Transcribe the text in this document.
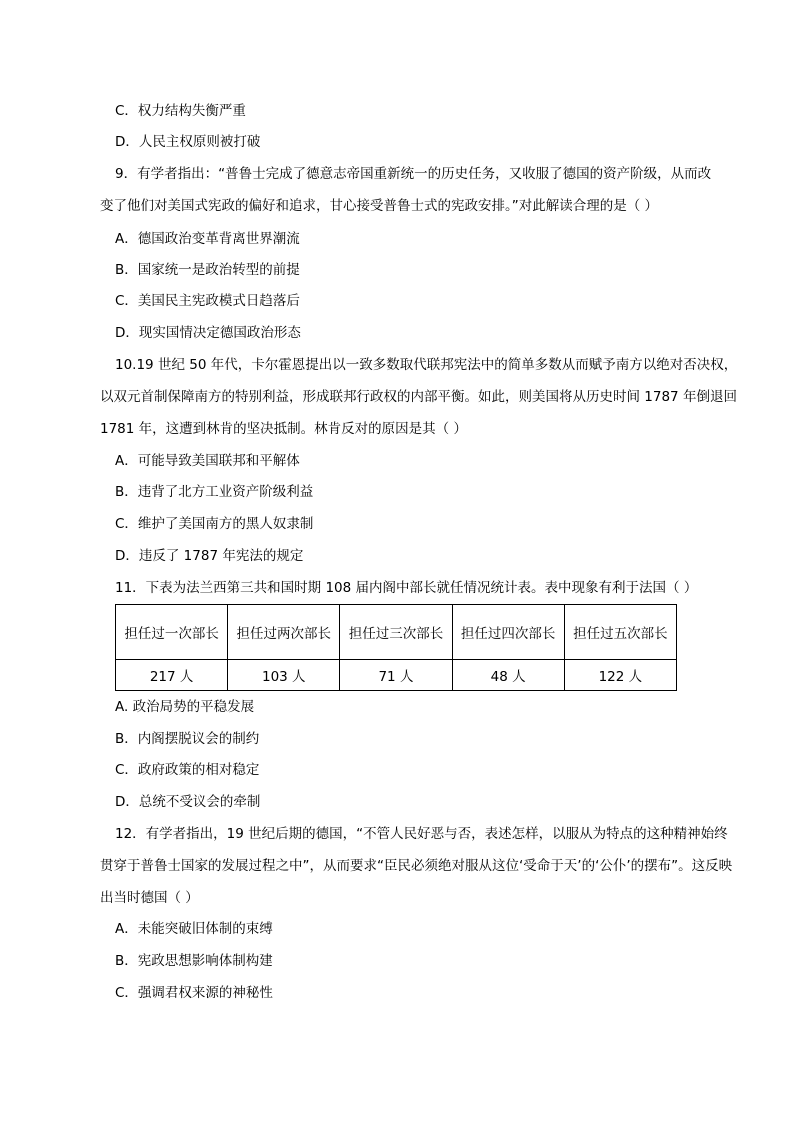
C．权力结构失衡严重
D．人民主权原则被打破
9．有学者指出：“普鲁士完成了德意志帝国重新统一的历史任务，又收服了德国的资产阶级，从而改
变了他们对美国式宪政的偏好和追求，甘心接受普鲁士式的宪政安排。”对此解读合理的是（ ）
A．德国政治变革背离世界潮流
B．国家统一是政治转型的前提
C．美国民主宪政模式日趋落后
D．现实国情决定德国政治形态
10.19 世纪 50 年代，卡尔霍恩提出以一致多数取代联邦宪法中的简单多数从而赋予南方以绝对否决权，
以双元首制保障南方的特别利益，形成联邦行政权的内部平衡。如此，则美国将从历史时间 1787 年倒退回
1781 年，这遭到林肯的坚决抵制。林肯反对的原因是其（ ）
A．可能导致美国联邦和平解体
B．违背了北方工业资产阶级利益
C．维护了美国南方的黑人奴隶制
D．违反了 1787 年宪法的规定
11．下表为法兰西第三共和国时期 108 届内阁中部长就任情况统计表。表中现象有利于法国（ ）
担任过一次部长	担任过两次部长	担任过三次部长	担任过四次部长	担任过五次部长
217 人	103 人	71 人	48 人	122 人
A. 政治局势的平稳发展
B．内阁摆脱议会的制约
C．政府政策的相对稳定
D．总统不受议会的牵制
12．有学者指出，19 世纪后期的德国，“不管人民好恶与否，表述怎样，以服从为特点的这种精神始终
贯穿于普鲁士国家的发展过程之中”，从而要求“臣民必须绝对服从这位‘受命于天’的‘公仆’的摆布”。这反映
出当时德国（ ）
A．未能突破旧体制的束缚
B．宪政思想影响体制构建
C．强调君权来源的神秘性
